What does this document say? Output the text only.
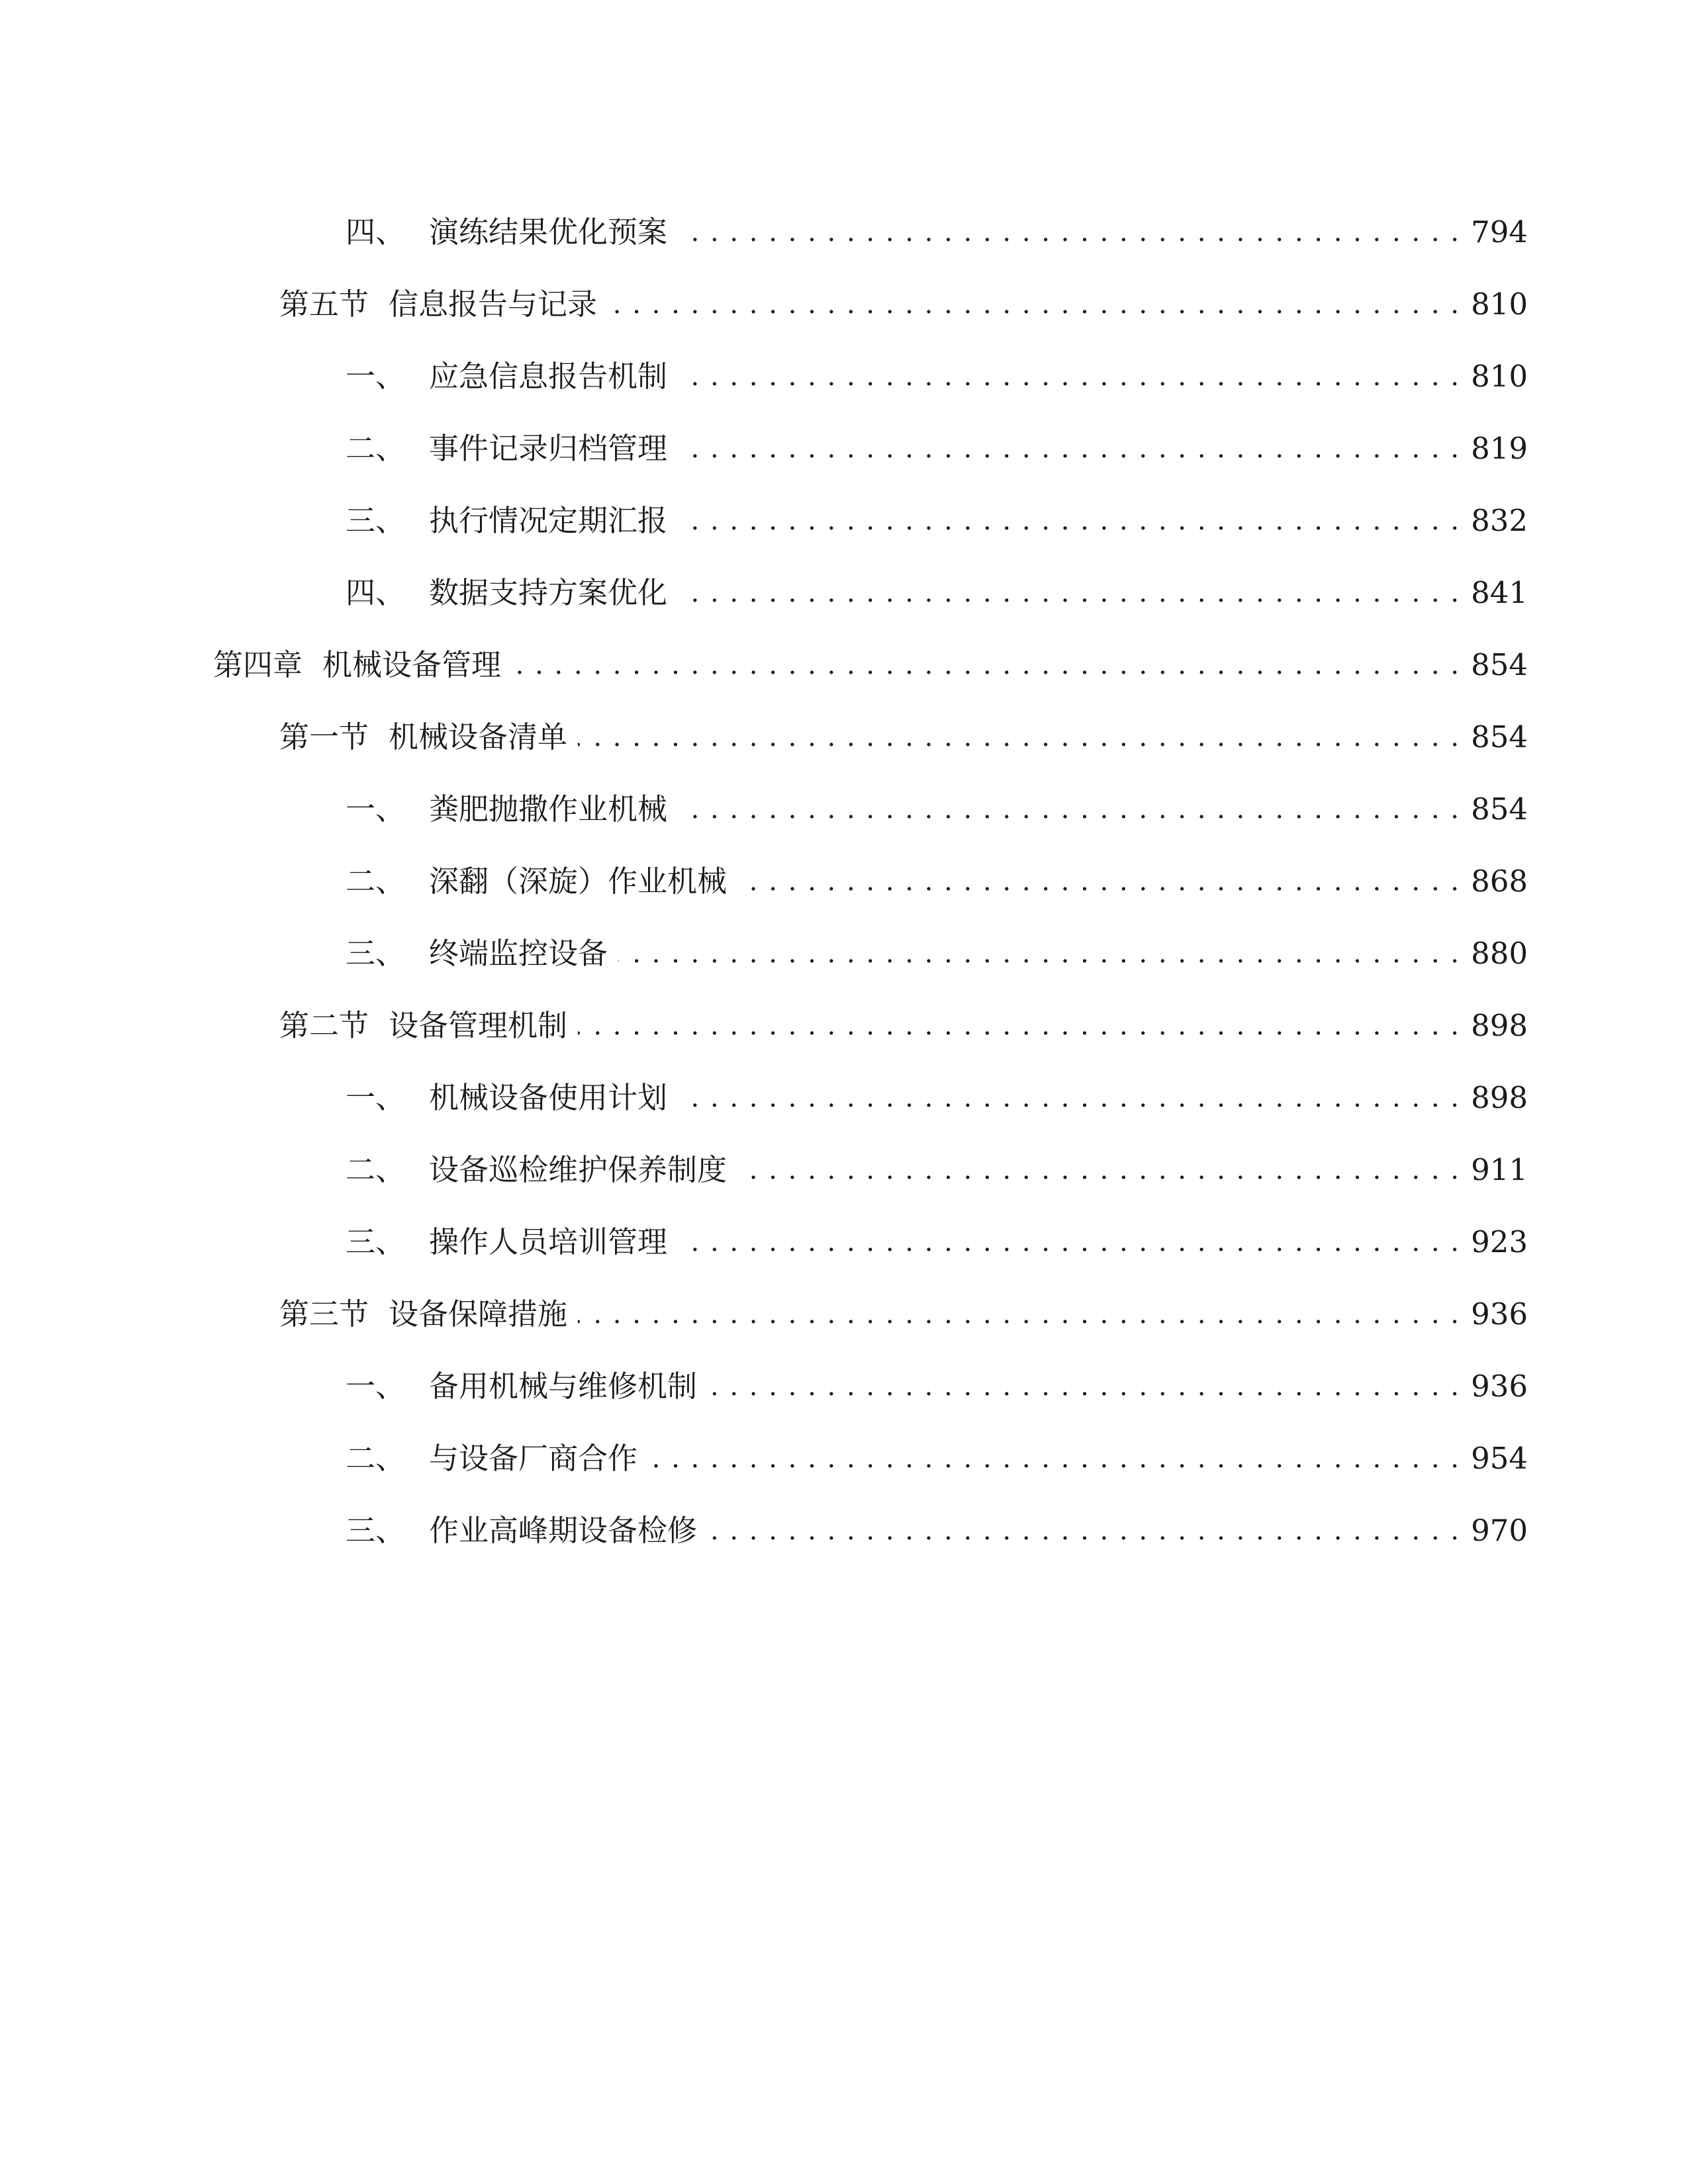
四、 演练结果优化预案 . . .	794
第五节 信息报告与记录 . . .	810
一、 应急信息报告机制 . . .	810
二、 事件记录归档管理 . . .	819
三、 执行情况定期汇报 . . .	832
四、 数据支持方案优化 . . .	841
第四章 机械设备管理 . . .	854
第一节 机械设备清单 . . .	854
一、 粪肥抛撒作业机械 . . .	854
二、 深翻（深旋）作业机械 . . .	868
三、 终端监控设备 . . .	880
第二节 设备管理机制 . . .	898
一、 机械设备使用计划 . . .	898
二、 设备巡检维护保养制度 . . .	911
三、 操作人员培训管理 . . .	923
第三节 设备保障措施 . . .	936
一、 备用机械与维修机制 . . .	936
二、 与设备厂商合作 . . .	954
三、 作业高峰期设备检修 . . .	970
